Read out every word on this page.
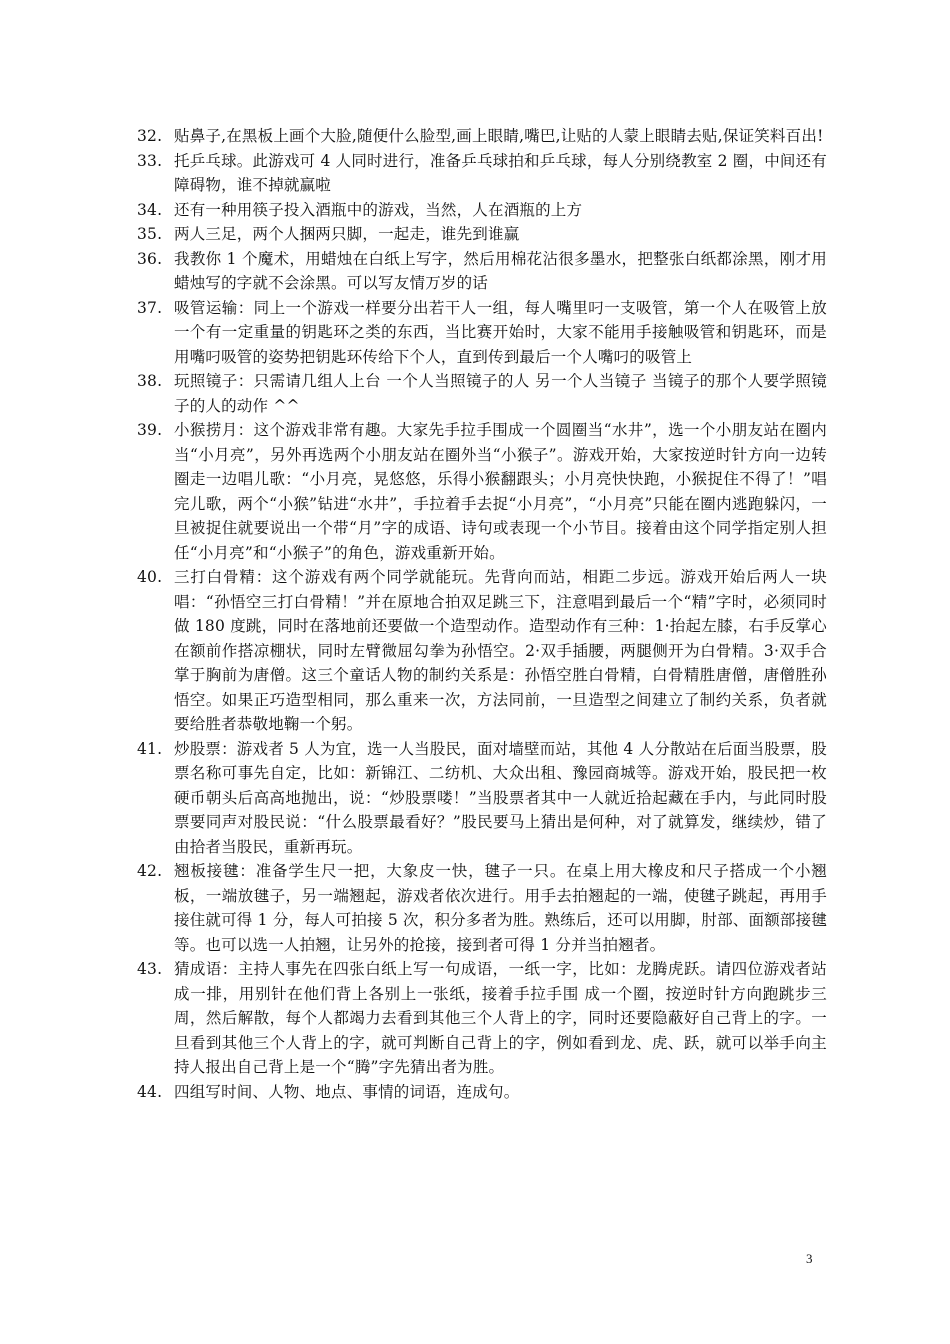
32. 贴鼻子,在黑板上画个大脸,随便什么脸型,画上眼睛,嘴巴,让贴的人蒙上眼睛去贴,保证笑料百出!
33. 托乒乓球。此游戏可 4 人同时进行，准备乒乓球拍和乒乓球，每人分别绕教室 2 圈，中间还有障碍物，谁不掉就赢啦
34. 还有一种用筷子投入酒瓶中的游戏，当然，人在酒瓶的上方
35. 两人三足，两个人捆两只脚，一起走，谁先到谁赢
36. 我教你 1 个魔术，用蜡烛在白纸上写字，然后用棉花沾很多墨水，把整张白纸都涂黑，刚才用蜡烛写的字就不会涂黑。可以写友情万岁的话
37. 吸管运输：同上一个游戏一样要分出若干人一组，每人嘴里叼一支吸管，第一个人在吸管上放一个有一定重量的钥匙环之类的东西，当比赛开始时，大家不能用手接触吸管和钥匙环，而是用嘴叼吸管的姿势把钥匙环传给下个人，直到传到最后一个人嘴叼的吸管上
38. 玩照镜子：只需请几组人上台 一个人当照镜子的人 另一个人当镜子 当镜子的那个人要学照镜子的人的动作 ^^
39. 小猴捞月：这个游戏非常有趣。大家先手拉手围成一个圆圈当“水井”，选一个小朋友站在圈内当“小月亮”，另外再选两个小朋友站在圈外当“小猴子”。游戏开始，大家按逆时针方向一边转圈走一边唱儿歌：“小月亮，晃悠悠，乐得小猴翻跟头；小月亮快快跑，小猴捉住不得了！”唱完儿歌，两个“小猴”钻进“水井”，手拉着手去捉“小月亮”，“小月亮”只能在圈内逃跑躲闪，一旦被捉住就要说出一个带“月”字的成语、诗句或表现一个小节目。接着由这个同学指定别人担任“小月亮”和“小猴子”的角色，游戏重新开始。
40. 三打白骨精：这个游戏有两个同学就能玩。先背向而站，相距二步远。游戏开始后两人一块唱：“孙悟空三打白骨精！”并在原地合拍双足跳三下，注意唱到最后一个“精”字时，必须同时做 180 度跳，同时在落地前还要做一个造型动作。造型动作有三种：1·抬起左膝，右手反掌心在额前作搭凉棚状，同时左臂微屈勾拳为孙悟空。2·双手插腰，两腿侧开为白骨精。3·双手合掌于胸前为唐僧。这三个童话人物的制约关系是：孙悟空胜白骨精，白骨精胜唐僧，唐僧胜孙悟空。如果正巧造型相同，那么重来一次，方法同前，一旦造型之间建立了制约关系，负者就要给胜者恭敬地鞠一个躬。
41. 炒股票：游戏者 5 人为宜，选一人当股民，面对墙壁而站，其他 4 人分散站在后面当股票，股票名称可事先自定，比如：新锦江、二纺机、大众出租、豫园商城等。游戏开始，股民把一枚硬币朝头后高高地抛出，说：“炒股票喽！”当股票者其中一人就近拾起藏在手内，与此同时股票要同声对股民说：“什么股票最看好？”股民要马上猜出是何种，对了就算发，继续炒，错了由拾者当股民，重新再玩。
42. 翘板接毽：准备学生尺一把，大象皮一快，毽子一只。在桌上用大橡皮和尺子搭成一个小翘板，一端放毽子，另一端翘起，游戏者依次进行。用手去拍翘起的一端，使毽子跳起，再用手接住就可得 1 分，每人可拍接 5 次，积分多者为胜。熟练后，还可以用脚，肘部、面额部接毽等。也可以选一人拍翘，让另外的抢接，接到者可得 1 分并当拍翘者。
43. 猜成语：主持人事先在四张白纸上写一句成语，一纸一字，比如：龙腾虎跃。请四位游戏者站成一排，用别针在他们背上各别上一张纸，接着手拉手围 成一个圈，按逆时针方向跑跳步三周，然后解散，每个人都竭力去看到其他三个人背上的字，同时还要隐蔽好自己背上的字。一旦看到其他三个人背上的字，就可判断自己背上的字，例如看到龙、虎、跃，就可以举手向主持人报出自己背上是一个“腾”字先猜出者为胜。
44. 四组写时间、人物、地点、事情的词语，连成句。
3
